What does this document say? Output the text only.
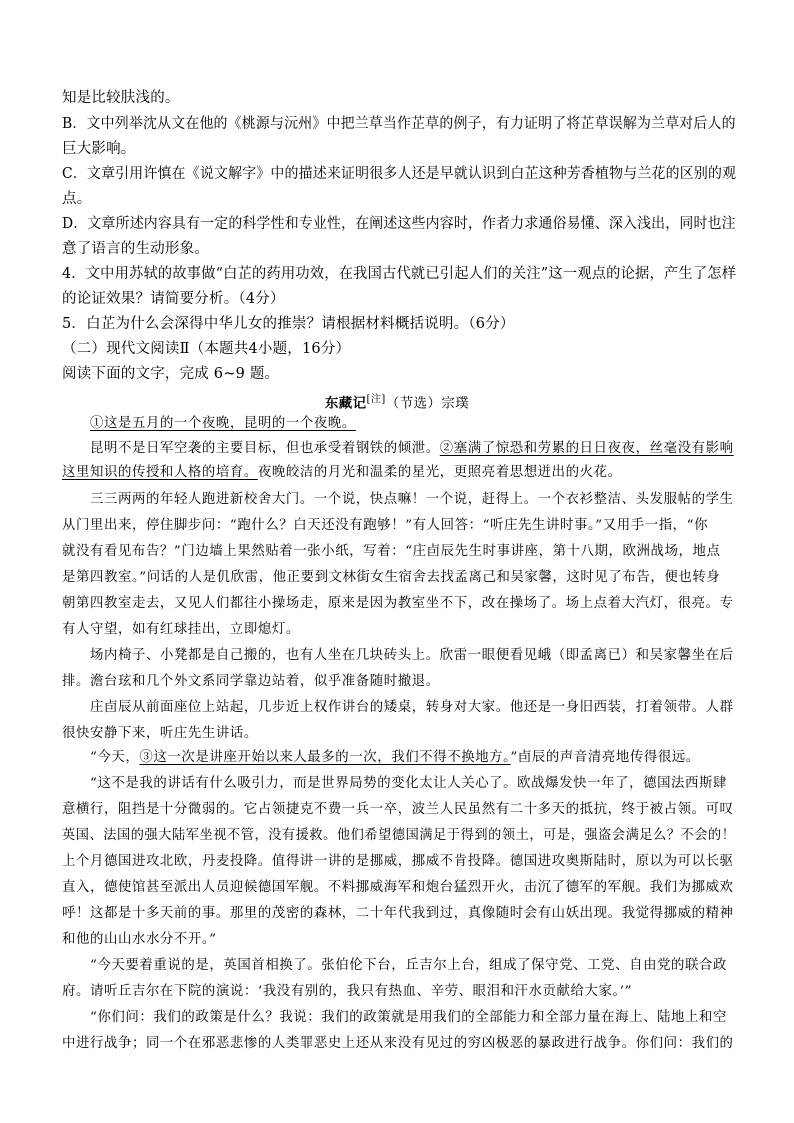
知是比较肤浅的。
B．文中列举沈从文在他的《桃源与沅州》中把兰草当作芷草的例子，有力证明了将芷草误解为兰草对后人的
巨大影响。
C．文章引用许慎在《说文解字》中的描述来证明很多人还是早就认识到白芷这种芳香植物与兰花的区别的观
点。
D．文章所述内容具有一定的科学性和专业性，在阐述这些内容时，作者力求通俗易懂、深入浅出，同时也注
意了语言的生动形象。
4．文中用苏轼的故事做“白芷的药用功效，在我国古代就已引起人们的关注”这一观点的论据，产生了怎样
的论证效果？请简要分析。（4分）
5．白芷为什么会深得中华儿女的推崇？请根据材料概括说明。（6分）
（二）现代文阅读Ⅱ（本题共4小题，16分）
阅读下面的文字，完成 6~9 题。
东藏记[注]（节选）宗璞
①这是五月的一个夜晚，昆明的一个夜晚。
昆明不是日军空袭的主要目标，但也承受着钢铁的倾泄。②塞满了惊恐和劳累的日日夜夜，丝毫没有影响
这里知识的传授和人格的培育。夜晚皎洁的月光和温柔的星光，更照亮着思想迸出的火花。
三三两两的年轻人跑进新校舍大门。一个说，快点嘛！一个说，赶得上。一个衣衫整洁、头发服帖的学生
从门里出来，停住脚步问：“跑什么？白天还没有跑够！”有人回答：“听庄先生讲时事。”又用手一指，“你
就没有看见布告？”门边墙上果然贴着一张小纸，写着：“庄卣辰先生时事讲座，第十八期，欧洲战场，地点
是第四教室。”问话的人是仉欣雷，他正要到文林街女生宿舍去找孟离己和吴家馨，这时见了布告，便也转身
朝第四教室走去，又见人们都往小操场走，原来是因为教室坐不下，改在操场了。场上点着大汽灯，很亮。专
有人守望，如有红球挂出，立即熄灯。
场内椅子、小凳都是自己搬的，也有人坐在几块砖头上。欣雷一眼便看见峨（即孟离已）和吴家馨坐在后
排。澹台玹和几个外文系同学靠边站着，似乎准备随时撤退。
庄卣辰从前面座位上站起，几步近上权作讲台的矮桌，转身对大家。他还是一身旧西装，打着领带。人群
很快安静下来，听庄先生讲话。
“今天，③这一次是讲座开始以来人最多的一次，我们不得不换地方。”卣辰的声音清亮地传得很远。
“这不是我的讲话有什么吸引力，而是世界局势的变化太让人关心了。欧战爆发快一年了，德国法西斯肆
意横行，阻挡是十分微弱的。它占领捷克不费一兵一卒，波兰人民虽然有二十多天的抵抗，终于被占领。可叹
英国、法国的强大陆军坐视不管，没有援救。他们希望德国满足于得到的领土，可是，强盗会满足么？不会的！
上个月德国进攻北欧，丹麦投降。值得讲一讲的是挪威，挪威不肯投降。德国进攻奥斯陆时，原以为可以长驱
直入，德使馆甚至派出人员迎候德国军舰。不料挪威海军和炮台猛烈开火，击沉了德军的军舰。我们为挪威欢
呼！这都是十多天前的事。那里的茂密的森林，二十年代我到过，真像随时会有山妖出现。我觉得挪威的精神
和他的山山水水分不开。”
“今天要着重说的是，英国首相换了。张伯伦下台，丘吉尔上台，组成了保守党、工党、自由党的联合政
府。请听丘吉尔在下院的演说：‘我没有别的，我只有热血、辛劳、眼泪和汗水贡献给大家。’”
“你们问：我们的政策是什么？我说：我们的政策就是用我们的全部能力和全部力量在海上、陆地上和空
中进行战争；同一个在邪恶悲惨的人类罪恶史上还从来没有见过的穷凶极恶的暴政进行战争。你们问：我们的
